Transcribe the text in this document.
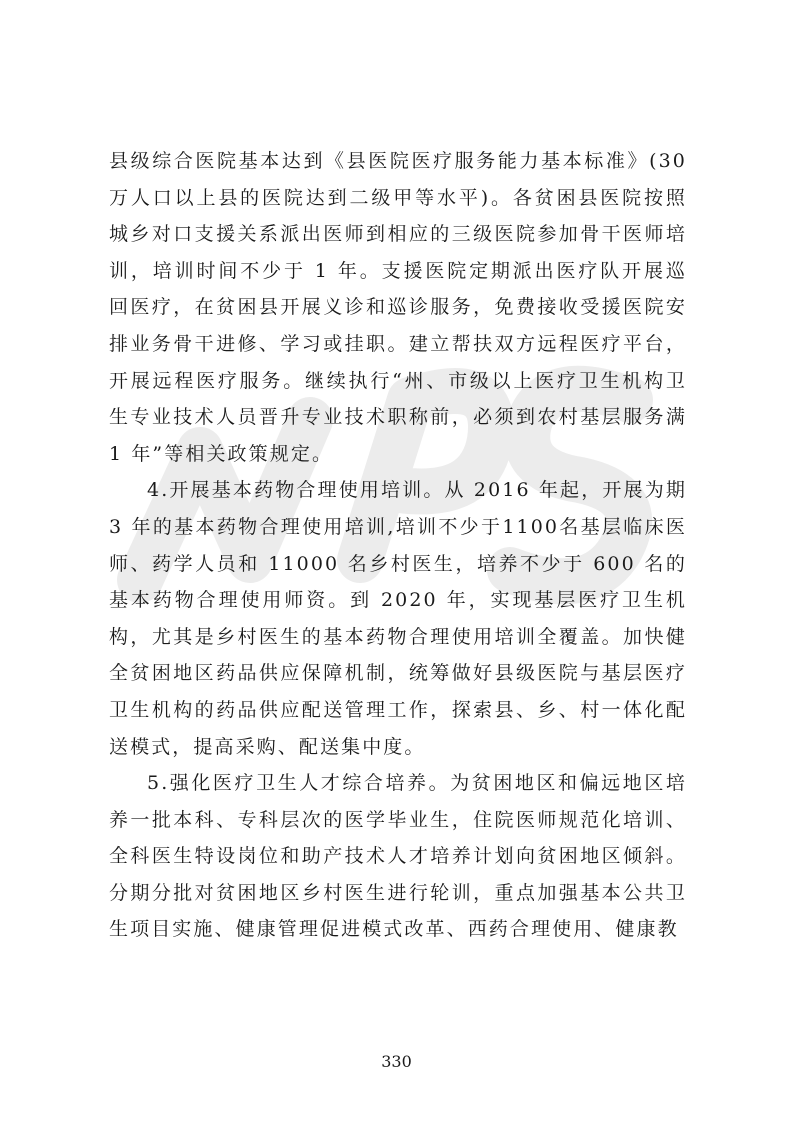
县级综合医院基本达到《县医院医疗服务能力基本标准》(30万人口以上县的医院达到二级甲等水平)。各贫困县医院按照城乡对口支援关系派出医师到相应的三级医院参加骨干医师培训，培训时间不少于 1 年。支援医院定期派出医疗队开展巡回医疗，在贫困县开展义诊和巡诊服务，免费接收受援医院安排业务骨干进修、学习或挂职。建立帮扶双方远程医疗平台，开展远程医疗服务。继续执行“州、市级以上医疗卫生机构卫生专业技术人员晋升专业技术职称前，必须到农村基层服务满 1 年”等相关政策规定。

4.开展基本药物合理使用培训。从 2016 年起，开展为期 3 年的基本药物合理使用培训,培训不少于1100名基层临床医师、药学人员和 11000 名乡村医生，培养不少于 600 名的基本药物合理使用师资。到 2020 年，实现基层医疗卫生机构，尤其是乡村医生的基本药物合理使用培训全覆盖。加快健全贫困地区药品供应保障机制，统筹做好县级医院与基层医疗卫生机构的药品供应配送管理工作，探索县、乡、村一体化配送模式，提高采购、配送集中度。

5.强化医疗卫生人才综合培养。为贫困地区和偏远地区培养一批本科、专科层次的医学毕业生，住院医师规范化培训、全科医生特设岗位和助产技术人才培养计划向贫困地区倾斜。分期分批对贫困地区乡村医生进行轮训，重点加强基本公共卫生项目实施、健康管理促进模式改革、西药合理使用、健康教

330
